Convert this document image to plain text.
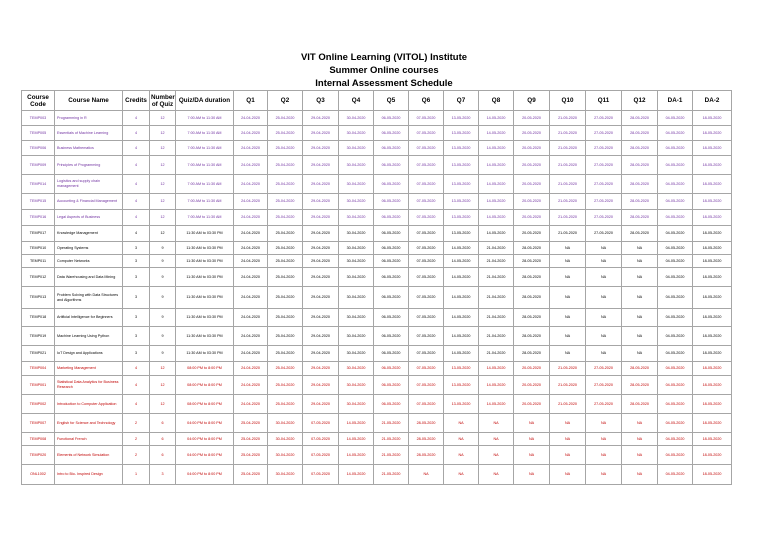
VIT Online Learning (VITOL) Institute
Summer Online courses
Internal Assessment Schedule
Course Code	Course Name	Credits	Number of Quiz	Quiz/DA duration	Q1	Q2	Q3	Q4	Q5	Q6	Q7	Q8	Q9	Q10	Q11	Q12	DA-1	DA-2
TEMP003	Programming in R	4	12	7:00 AM to 11:30 AM	24-04-2020	25-04-2020	29-04-2020	30-04-2020	06-05-2020	07-05-2020	13-05-2020	14-05-2020	20-05-2020	21-05-2020	27-05-2020	28-05-2020	04-05-2020	18-05-2020
TEMP005	Essentials of Machine Learning	4	12	7:00 AM to 11:30 AM	24-04-2020	25-04-2020	29-04-2020	30-04-2020	06-05-2020	07-05-2020	13-05-2020	14-05-2020	20-05-2020	21-05-2020	27-05-2020	28-05-2020	04-05-2020	18-05-2020
TEMP006	Business Mathematics	4	12	7:00 AM to 11:30 AM	24-04-2020	25-04-2020	29-04-2020	30-04-2020	06-05-2020	07-05-2020	13-05-2020	14-05-2020	20-05-2020	21-05-2020	27-05-2020	28-05-2020	04-05-2020	18-05-2020
TEMP009	Principles of Programming	4	12	7:00 AM to 11:30 AM	24-04-2020	25-04-2020	29-04-2020	30-04-2020	06-05-2020	07-05-2020	13-05-2020	14-05-2020	20-05-2020	21-05-2020	27-05-2020	28-05-2020	04-05-2020	18-05-2020
TEMP014	Logistics and supply chain management	4	12	7:00 AM to 11:30 AM	24-04-2020	25-04-2020	29-04-2020	30-04-2020	06-05-2020	07-05-2020	13-05-2020	14-05-2020	20-05-2020	21-05-2020	27-05-2020	28-05-2020	04-05-2020	18-05-2020
TEMP015	Accounting & Financial Management	4	12	7:00 AM to 11:30 AM	24-04-2020	25-04-2020	29-04-2020	30-04-2020	06-05-2020	07-05-2020	13-05-2020	14-05-2020	20-05-2020	21-05-2020	27-05-2020	28-05-2020	04-05-2020	18-05-2020
TEMP016	Legal Aspects of Business	4	12	7:00 AM to 11:30 AM	24-04-2020	25-04-2020	29-04-2020	30-04-2020	06-05-2020	07-05-2020	13-05-2020	14-05-2020	20-05-2020	21-05-2020	27-05-2020	28-05-2020	04-05-2020	18-05-2020
TEMP017	Knowledge Management	4	12	11:30 AM to 03:30 PM	24-04-2020	25-04-2020	29-04-2020	30-04-2020	06-05-2020	07-05-2020	13-05-2020	14-05-2020	20-05-2020	21-05-2020	27-05-2020	28-05-2020	04-05-2020	18-05-2020
TEMP010	Operating Systems	3	9	11:30 AM to 03:30 PM	24-04-2020	25-04-2020	29-04-2020	30-04-2020	06-05-2020	07-05-2020	14-05-2020	21-04-2020	28-05-2020	NA	NA	NA	04-05-2020	18-05-2020
TEMP011	Computer Networks	3	9	11:30 AM to 03:30 PM	24-04-2020	25-04-2020	29-04-2020	30-04-2020	06-05-2020	07-05-2020	14-05-2020	21-04-2020	28-05-2020	NA	NA	NA	04-05-2020	18-05-2020
TEMP012	Data Warehousing and Data Mining	3	9	11:30 AM to 03:30 PM	24-04-2020	25-04-2020	29-04-2020	30-04-2020	06-05-2020	07-05-2020	14-05-2020	21-04-2020	28-05-2020	NA	NA	NA	04-05-2020	18-05-2020
TEMP013	Problem Solving with Data Structures and Algorithms	3	9	11:30 AM to 03:30 PM	24-04-2020	25-04-2020	29-04-2020	30-04-2020	06-05-2020	07-05-2020	14-05-2020	21-04-2020	28-05-2020	NA	NA	NA	04-05-2020	18-05-2020
TEMP018	Artificial Intelligence for Beginners	3	9	11:30 AM to 03:30 PM	24-04-2020	25-04-2020	29-04-2020	30-04-2020	06-05-2020	07-05-2020	14-05-2020	21-04-2020	28-05-2020	NA	NA	NA	04-05-2020	18-05-2020
TEMP019	Machine Learning Using Python	3	9	11:30 AM to 03:30 PM	24-04-2020	25-04-2020	29-04-2020	30-04-2020	06-05-2020	07-05-2020	14-05-2020	21-04-2020	28-05-2020	NA	NA	NA	04-05-2020	18-05-2020
TEMP021	IoT Design and Applications	3	9	11:30 AM to 03:30 PM	24-04-2020	25-04-2020	29-04-2020	30-04-2020	06-05-2020	07-05-2020	14-05-2020	21-04-2020	28-05-2020	NA	NA	NA	04-05-2020	18-05-2020
TEMP004	Marketing Management	4	12	08:00 PM to 8:00 PM	24-04-2020	25-04-2020	29-04-2020	30-04-2020	06-05-2020	07-05-2020	13-05-2020	14-05-2020	20-05-2020	21-05-2020	27-05-2020	28-05-2020	04-05-2020	18-05-2020
TEMP001	Statistical Data Analytics for Business Research	4	12	08:00 PM to 8:00 PM	24-04-2020	25-04-2020	29-04-2020	30-04-2020	06-05-2020	07-05-2020	13-05-2020	14-05-2020	20-05-2020	21-05-2020	27-05-2020	28-05-2020	04-05-2020	18-05-2020
TEMP002	Introduction to Computer Application	4	12	08:00 PM to 8:00 PM	24-04-2020	25-04-2020	29-04-2020	30-04-2020	06-05-2020	07-05-2020	13-05-2020	14-05-2020	20-05-2020	21-05-2020	27-05-2020	28-05-2020	04-05-2020	18-05-2020
TEMP007	English for Science and Technology	2	6	04:00 PM to 8:00 PM	25-04-2020	30-04-2020	07-05-2020	14-05-2020	21-05-2020	28-05-2020	NA	NA	NA	NA	NA	NA	04-05-2020	18-05-2020
TEMP008	Functional French	2	6	04:00 PM to 8:00 PM	25-04-2020	30-04-2020	07-05-2020	14-05-2020	21-05-2020	28-05-2020	NA	NA	NA	NA	NA	NA	04-05-2020	18-05-2020
TEMP020	Elements of Network Simulation	2	6	04:00 PM to 8:00 PM	25-04-2020	30-04-2020	07-05-2020	14-05-2020	21-05-2020	28-05-2020	NA	NA	NA	NA	NA	NA	04-05-2020	18-05-2020
ONL1002	Intro to Bio- Inspired Design	1	3	04:00 PM to 8:00 PM	25-04-2020	30-04-2020	07-05-2020	14-05-2020	21-05-2020	NA	NA	NA	NA	NA	NA	NA	04-05-2020	18-05-2020
